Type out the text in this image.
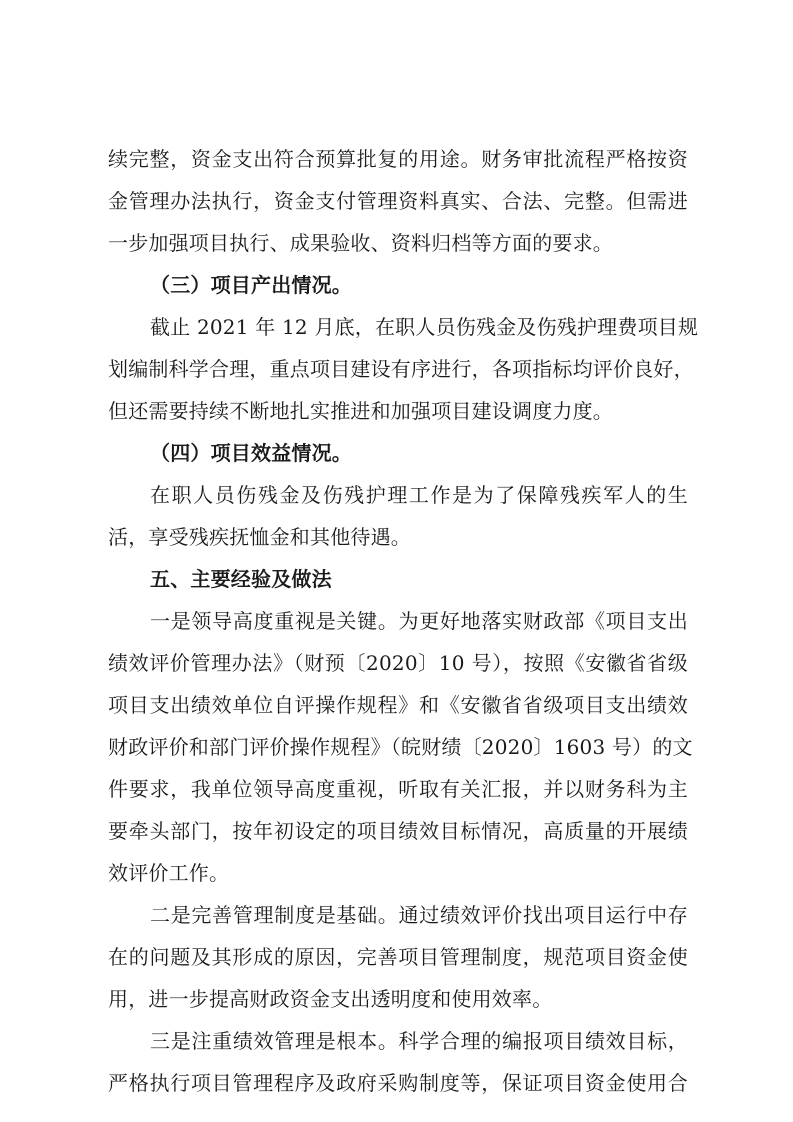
续完整，资金支出符合预算批复的用途。财务审批流程严格按资
金管理办法执行，资金支付管理资料真实、合法、完整。但需进
一步加强项目执行、成果验收、资料归档等方面的要求。
（三）项目产出情况。
截止 2021 年 12 月底，在职人员伤残金及伤残护理费项目规
划编制科学合理，重点项目建设有序进行，各项指标均评价良好，
但还需要持续不断地扎实推进和加强项目建设调度力度。
（四）项目效益情况。
在职人员伤残金及伤残护理工作是为了保障残疾军人的生
活，享受残疾抚恤金和其他待遇。
五、主要经验及做法
一是领导高度重视是关键。为更好地落实财政部《项目支出
绩效评价管理办法》（财预〔2020〕10 号），按照《安徽省省级
项目支出绩效单位自评操作规程》和《安徽省省级项目支出绩效
财政评价和部门评价操作规程》（皖财绩〔2020〕1603 号）的文
件要求，我单位领导高度重视，听取有关汇报，并以财务科为主
要牵头部门，按年初设定的项目绩效目标情况，高质量的开展绩
效评价工作。
二是完善管理制度是基础。通过绩效评价找出项目运行中存
在的问题及其形成的原因，完善项目管理制度，规范项目资金使
用，进一步提高财政资金支出透明度和使用效率。
三是注重绩效管理是根本。科学合理的编报项目绩效目标，
严格执行项目管理程序及政府采购制度等，保证项目资金使用合
